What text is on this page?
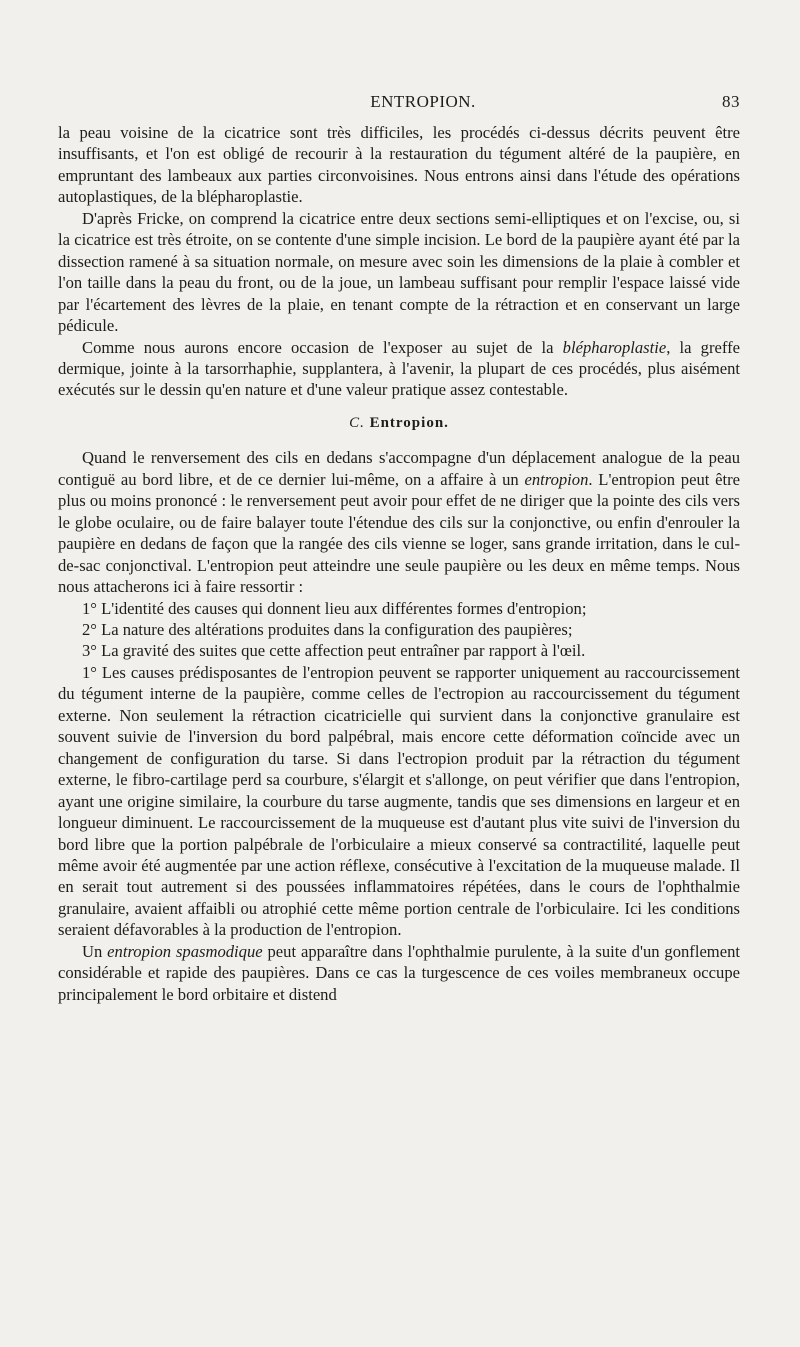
ENTROPION.	83

la peau voisine de la cicatrice sont très difficiles, les procédés ci-dessus décrits peuvent être insuffisants, et l'on est obligé de recourir à la restauration du tégument altéré de la paupière, en empruntant des lambeaux aux parties circonvoisines. Nous entrons ainsi dans l'étude des opérations autoplastiques, de la blépharoplastie.

D'après Fricke, on comprend la cicatrice entre deux sections semi-elliptiques et on l'excise, ou, si la cicatrice est très étroite, on se contente d'une simple incision. Le bord de la paupière ayant été par la dissection ramené à sa situation normale, on mesure avec soin les dimensions de la plaie à combler et l'on taille dans la peau du front, ou de la joue, un lambeau suffisant pour remplir l'espace laissé vide par l'écartement des lèvres de la plaie, en tenant compte de la rétraction et en conservant un large pédicule.

Comme nous aurons encore occasion de l'exposer au sujet de la blépharoplastie, la greffe dermique, jointe à la tarsorrhaphie, supplantera, à l'avenir, la plupart de ces procédés, plus aisément exécutés sur le dessin qu'en nature et d'une valeur pratique assez contestable.

C. Entropion.

Quand le renversement des cils en dedans s'accompagne d'un déplacement analogue de la peau contiguë au bord libre, et de ce dernier lui-même, on a affaire à un entropion. L'entropion peut être plus ou moins prononcé : le renversement peut avoir pour effet de ne diriger que la pointe des cils vers le globe oculaire, ou de faire balayer toute l'étendue des cils sur la conjonctive, ou enfin d'enrouler la paupière en dedans de façon que la rangée des cils vienne se loger, sans grande irritation, dans le cul-de-sac conjonctival. L'entropion peut atteindre une seule paupière ou les deux en même temps. Nous nous attacherons ici à faire ressortir :

1° L'identité des causes qui donnent lieu aux différentes formes d'entropion;

2° La nature des altérations produites dans la configuration des paupières;

3° La gravité des suites que cette affection peut entraîner par rapport à l'œil.

1° Les causes prédisposantes de l'entropion peuvent se rapporter uniquement au raccourcissement du tégument interne de la paupière, comme celles de l'ectropion au raccourcissement du tégument externe. Non seulement la rétraction cicatricielle qui survient dans la conjonctive granulaire est souvent suivie de l'inversion du bord palpébral, mais encore cette déformation coïncide avec un changement de configuration du tarse. Si dans l'ectropion produit par la rétraction du tégument externe, le fibro-cartilage perd sa courbure, s'élargit et s'allonge, on peut vérifier que dans l'entropion, ayant une origine similaire, la courbure du tarse augmente, tandis que ses dimensions en largeur et en longueur diminuent. Le raccourcissement de la muqueuse est d'autant plus vite suivi de l'inversion du bord libre que la portion palpébrale de l'orbiculaire a mieux conservé sa contractilité, laquelle peut même avoir été augmentée par une action réflexe, consécutive à l'excitation de la muqueuse malade. Il en serait tout autrement si des poussées inflammatoires répétées, dans le cours de l'ophthalmie granulaire, avaient affaibli ou atrophié cette même portion centrale de l'orbiculaire. Ici les conditions seraient défavorables à la production de l'entropion.

Un entropion spasmodique peut apparaître dans l'ophthalmie purulente, à la suite d'un gonflement considérable et rapide des paupières. Dans ce cas la turgescence de ces voiles membraneux occupe principalement le bord orbitaire et distend
